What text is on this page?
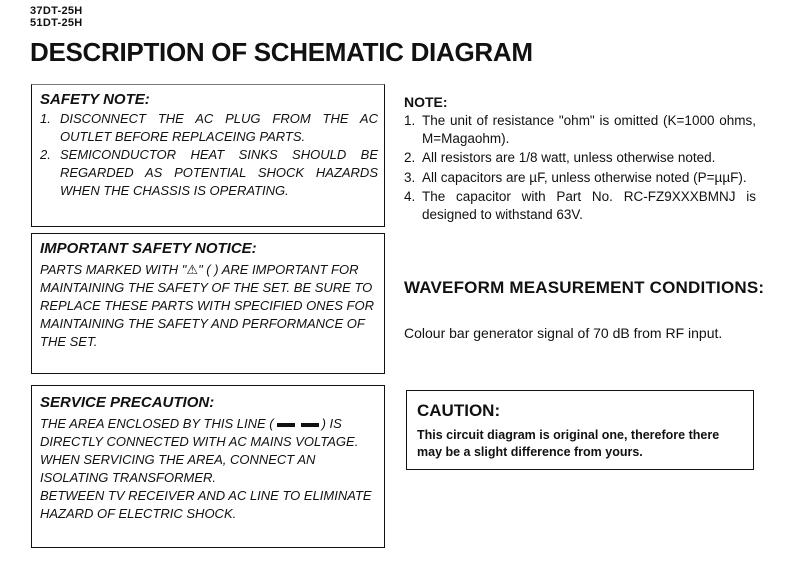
37DT-25H
51DT-25H
DESCRIPTION OF SCHEMATIC DIAGRAM
SAFETY NOTE:
1. DISCONNECT THE AC PLUG FROM THE AC OUTLET BEFORE REPLACEING PARTS.
2. SEMICONDUCTOR HEAT SINKS SHOULD BE REGARDED AS POTENTIAL SHOCK HAZARDS WHEN THE CHASSIS IS OPERATING.
IMPORTANT SAFETY NOTICE:
PARTS MARKED WITH "⚠" ( ) ARE IMPORTANT FOR MAINTAINING THE SAFETY OF THE SET. BE SURE TO REPLACE THESE PARTS WITH SPECIFIED ONES FOR MAINTAINING THE SAFETY AND PERFORMANCE OF THE SET.
SERVICE PRECAUTION:
THE AREA ENCLOSED BY THIS LINE (	) IS DIRECTLY CONNECTED WITH AC MAINS VOLTAGE.
WHEN SERVICING THE AREA, CONNECT AN ISOLATING TRANSFORMER.
BETWEEN TV RECEIVER AND AC LINE TO ELIMINATE HAZARD OF ELECTRIC SHOCK.
NOTE:
1. The unit of resistance "ohm" is omitted (K=1000 ohms, M=Magaohm).
2. All resistors are 1/8 watt, unless otherwise noted.
3. All capacitors are µF, unless otherwise noted (P=µµF).
4. The capacitor with Part No. RC-FZ9XXXBMNJ is designed to withstand 63V.
WAVEFORM MEASUREMENT CONDITIONS:
Colour bar generator signal of 70 dB from RF input.
CAUTION:
This circuit diagram is original one, therefore there may be a slight difference from yours.
